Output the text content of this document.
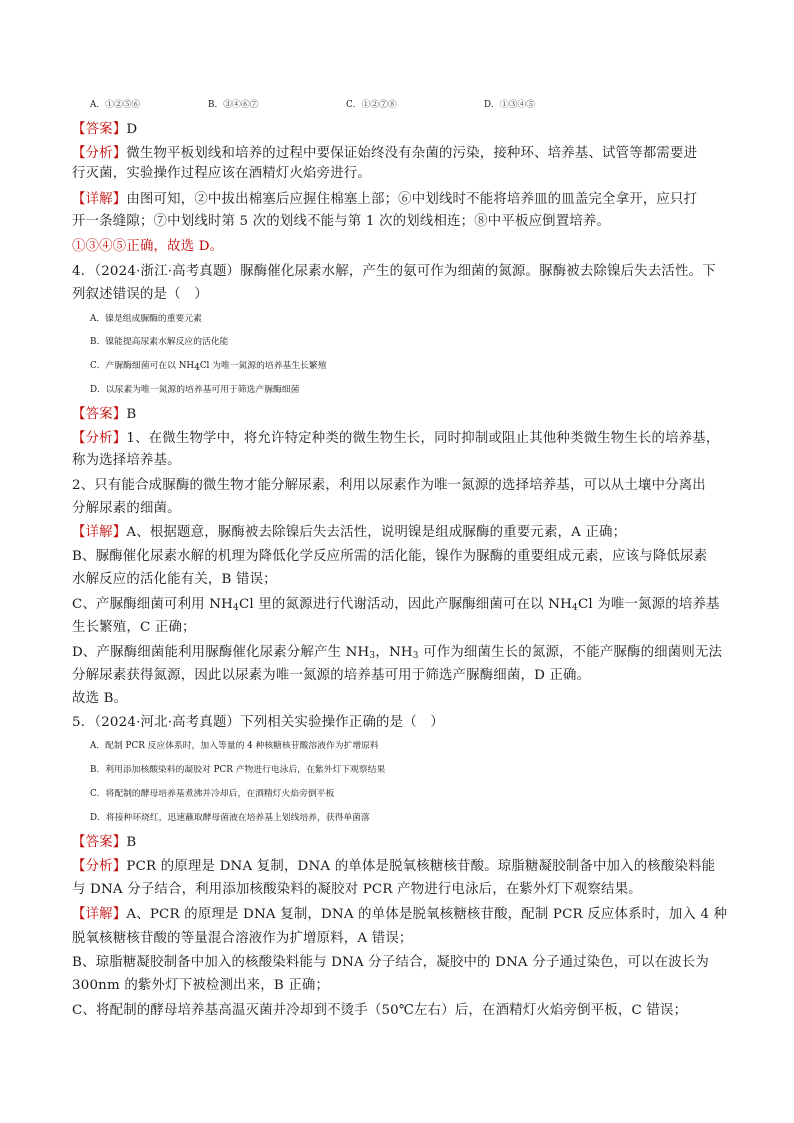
A．①②⑤⑥	B．③④⑥⑦	C．①②⑦⑧	D．①③④⑤
【答案】D
【分析】微生物平板划线和培养的过程中要保证始终没有杂菌的污染，接种环、培养基、试管等都需要进
行灭菌，实验操作过程应该在酒精灯火焰旁进行。
【详解】由图可知，②中拔出棉塞后应握住棉塞上部；⑥中划线时不能将培养皿的皿盖完全拿开，应只打
开一条缝隙；⑦中划线时第 5 次的划线不能与第 1 次的划线相连；⑧中平板应倒置培养。
①③④⑤正确，故选 D。
4．（2024·浙江·高考真题）脲酶催化尿素水解，产生的氨可作为细菌的氮源。脲酶被去除镍后失去活性。下
列叙述错误的是（　）
A．镍是组成脲酶的重要元素
B．镍能提高尿素水解反应的活化能
C．产脲酶细菌可在以 $NH_4Cl$ 为唯一氮源的培养基生长繁殖
D．以尿素为唯一氮源的培养基可用于筛选产脲酶细菌
【答案】B
【分析】1、在微生物学中，将允许特定种类的微生物生长，同时抑制或阻止其他种类微生物生长的培养基，
称为选择培养基。
2、只有能合成脲酶的微生物才能分解尿素，利用以尿素作为唯一氮源的选择培养基，可以从土壤中分离出
分解尿素的细菌。
【详解】A、根据题意，脲酶被去除镍后失去活性，说明镍是组成脲酶的重要元素，A 正确；
B、脲酶催化尿素水解的机理为降低化学反应所需的活化能，镍作为脲酶的重要组成元素，应该与降低尿素
水解反应的活化能有关，B 错误；
C、产脲酶细菌可利用 $NH_4Cl$ 里的氮源进行代谢活动，因此产脲酶细菌可在以 $NH_4Cl$ 为唯一氮源的培养基
生长繁殖，C 正确；
D、产脲酶细菌能利用脲酶催化尿素分解产生 $NH_3$，$NH_3$ 可作为细菌生长的氮源，不能产脲酶的细菌则无法
分解尿素获得氮源，因此以尿素为唯一氮源的培养基可用于筛选产脲酶细菌，D 正确。
故选 B。
5．（2024·河北·高考真题）下列相关实验操作正确的是（　）
A．配制 PCR 反应体系时，加入等量的 4 种核糖核苷酸溶液作为扩增原料
B．利用添加核酸染料的凝胶对 PCR 产物进行电泳后，在紫外灯下观察结果
C．将配制的酵母培养基煮沸并冷却后，在酒精灯火焰旁倒平板
D．将接种环烧红，迅速蘸取酵母菌液在培养基上划线培养，获得单菌落
【答案】B
【分析】PCR 的原理是 DNA 复制，DNA 的单体是脱氧核糖核苷酸。琼脂糖凝胶制备中加入的核酸染料能
与 DNA 分子结合，利用添加核酸染料的凝胶对 PCR 产物进行电泳后，在紫外灯下观察结果。
【详解】A、PCR 的原理是 DNA 复制，DNA 的单体是脱氧核糖核苷酸，配制 PCR 反应体系时，加入 4 种
脱氧核糖核苷酸的等量混合溶液作为扩增原料，A 错误；
B、琼脂糖凝胶制备中加入的核酸染料能与 DNA 分子结合，凝胶中的 DNA 分子通过染色，可以在波长为
300nm 的紫外灯下被检测出来，B 正确；
C、将配制的酵母培养基高温灭菌并冷却到不烫手（50℃左右）后，在酒精灯火焰旁倒平板，C 错误；
